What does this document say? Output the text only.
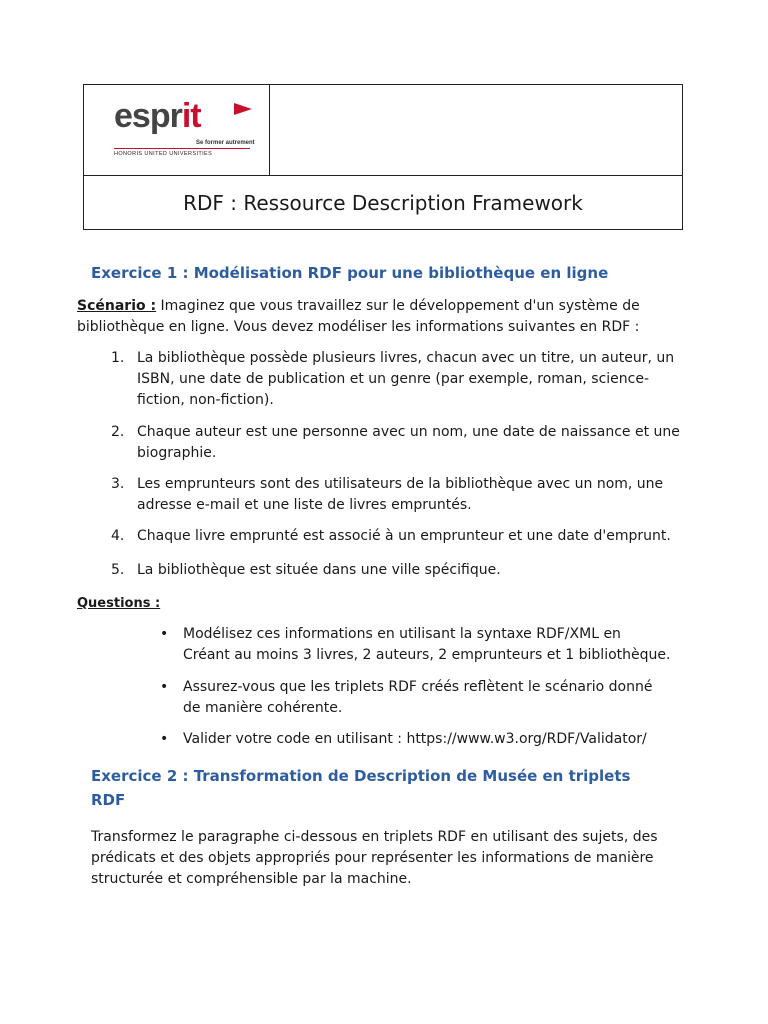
esprit
Se former autrement
HONORIS UNITED UNIVERSITIES
RDF : Ressource Description Framework
Exercice 1 : Modélisation RDF pour une bibliothèque en ligne
Scénario : Imaginez que vous travaillez sur le développement d'un système de
bibliothèque en ligne. Vous devez modéliser les informations suivantes en RDF :
1. La bibliothèque possède plusieurs livres, chacun avec un titre, un auteur, un
ISBN, une date de publication et un genre (par exemple, roman, science-
fiction, non-fiction).
2. Chaque auteur est une personne avec un nom, une date de naissance et une
biographie.
3. Les emprunteurs sont des utilisateurs de la bibliothèque avec un nom, une
adresse e-mail et une liste de livres empruntés.
4. Chaque livre emprunté est associé à un emprunteur et une date d'emprunt.
5. La bibliothèque est située dans une ville spécifique.
Questions :
• Modélisez ces informations en utilisant la syntaxe RDF/XML en
Créant au moins 3 livres, 2 auteurs, 2 emprunteurs et 1 bibliothèque.
• Assurez-vous que les triplets RDF créés reflètent le scénario donné
de manière cohérente.
• Valider votre code en utilisant : https://www.w3.org/RDF/Validator/
Exercice 2 : Transformation de Description de Musée en triplets
RDF
Transformez le paragraphe ci-dessous en triplets RDF en utilisant des sujets, des
prédicats et des objets appropriés pour représenter les informations de manière
structurée et compréhensible par la machine.
